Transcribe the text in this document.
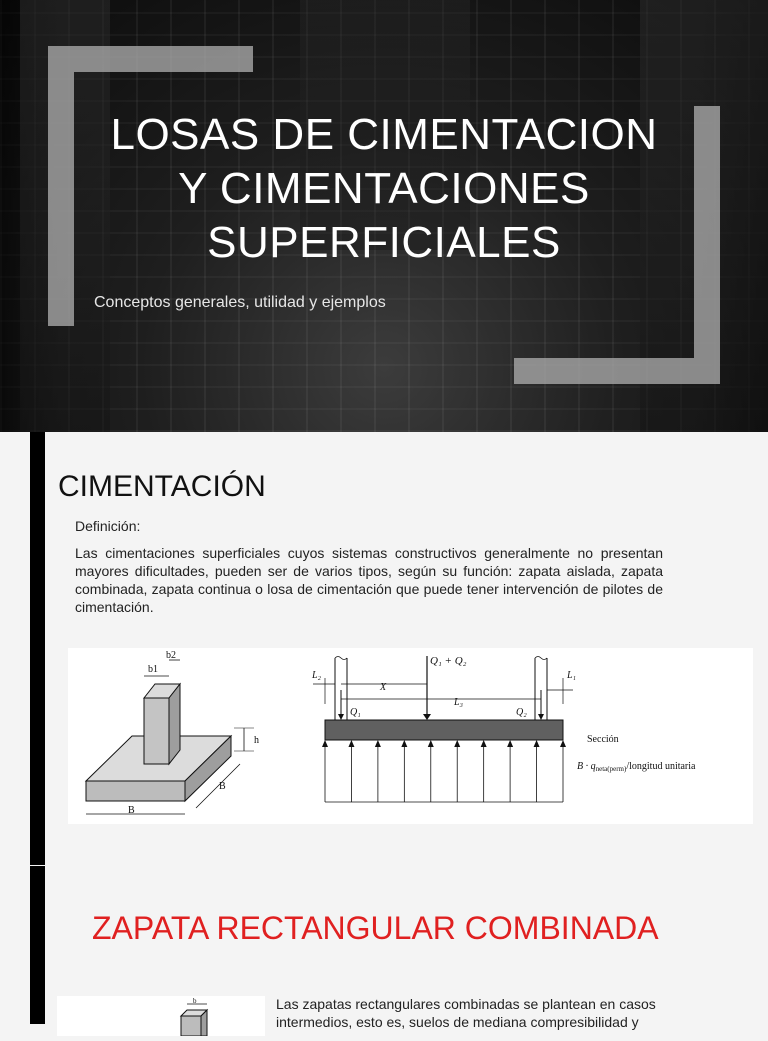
LOSAS DE CIMENTACION
Y CIMENTACIONES
SUPERFICIALES
Conceptos generales, utilidad y ejemplos
CIMENTACIÓN
Definición:
Las cimentaciones superficiales cuyos sistemas constructivos generalmente no presentan mayores dificultades, pueden ser de varios tipos, según su función: zapata aislada, zapata combinada, zapata continua o losa de cimentación que puede tener intervención de pilotes de cimentación.
b1
b2
h
B
B
Q₁ + Q₂
L₂	L₁
X
L₃
Q₁	Q₂
Sección
$B \cdot q_{neta(perm)}$/longitud unitaria
ZAPATA RECTANGULAR COMBINADA
b	Las zapatas rectangulares combinadas se plantean en casos intermedios, esto es, suelos de mediana compresibilidad y
